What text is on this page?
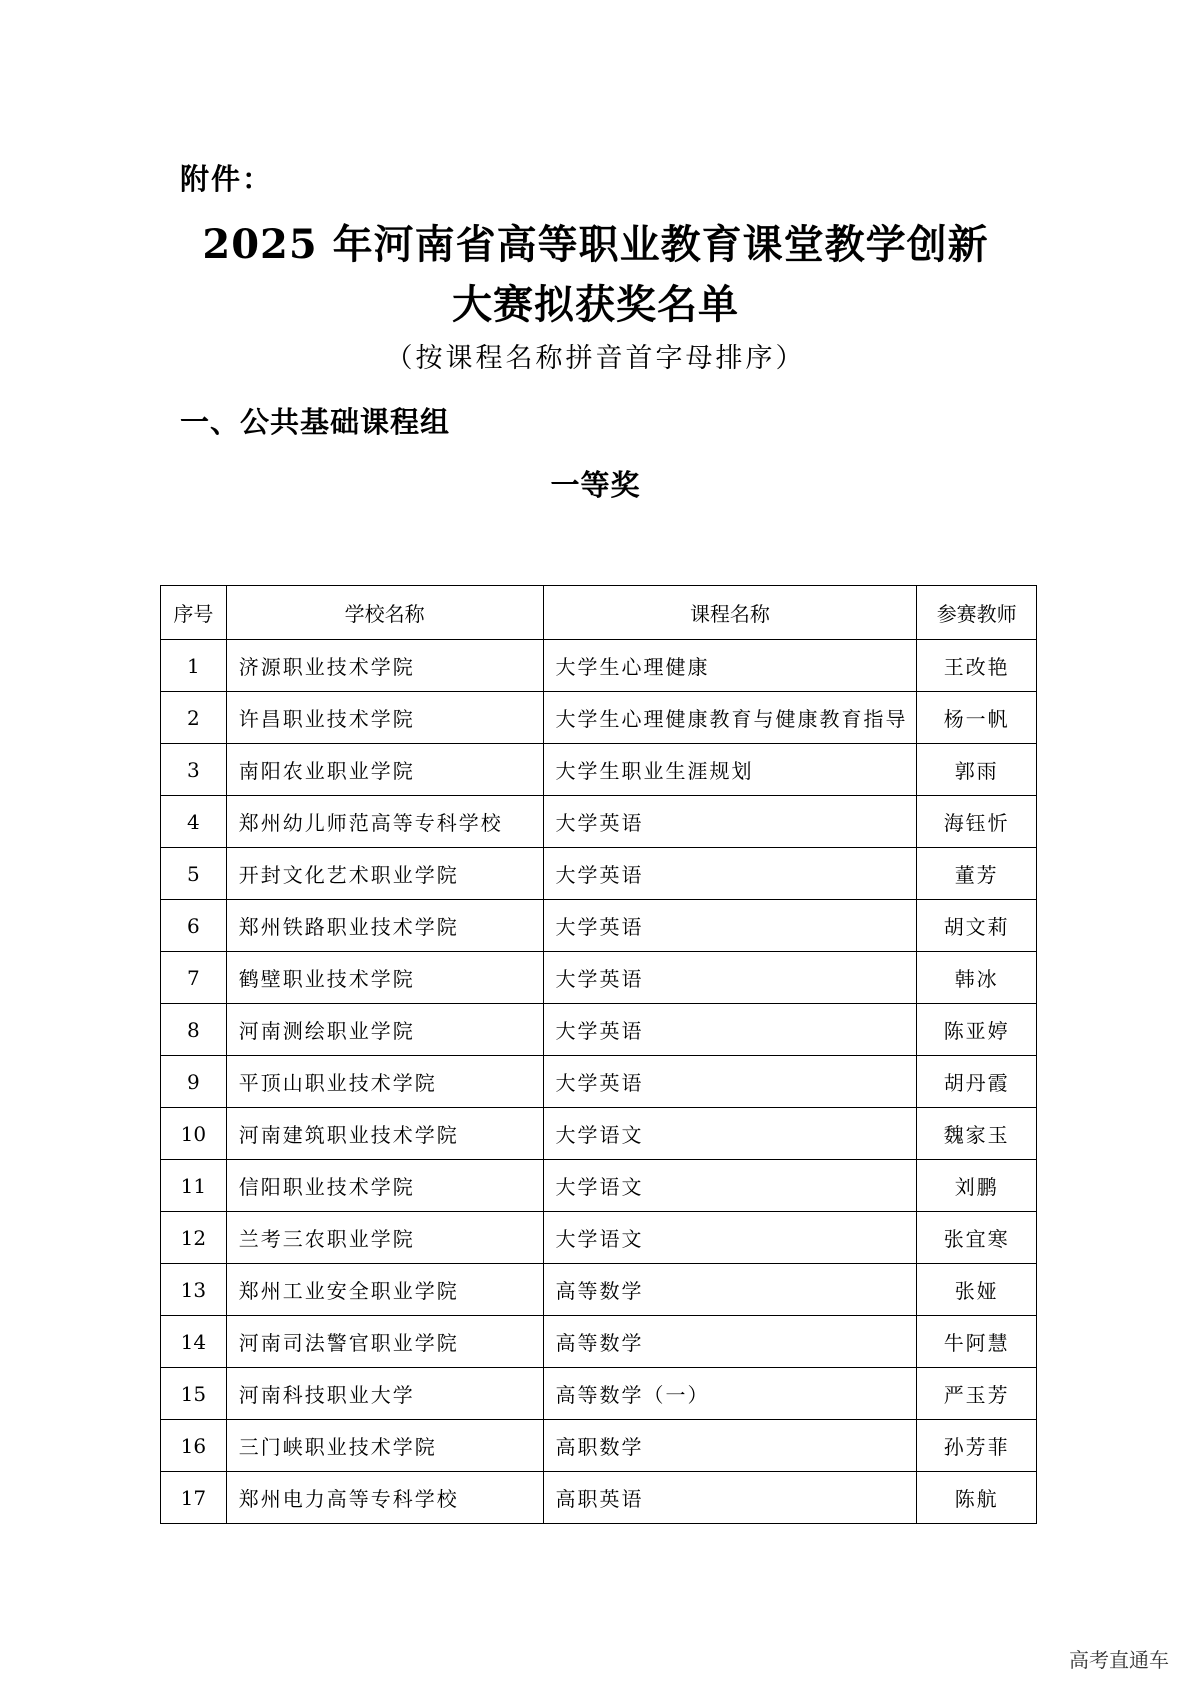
附件：
2025 年河南省高等职业教育课堂教学创新
大赛拟获奖名单
（按课程名称拼音首字母排序）
一、公共基础课程组
一等奖
序号	学校名称	课程名称	参赛教师
1	济源职业技术学院	大学生心理健康	王改艳
2	许昌职业技术学院	大学生心理健康教育与健康教育指导	杨一帆
3	南阳农业职业学院	大学生职业生涯规划	郭雨
4	郑州幼儿师范高等专科学校	大学英语	海钰忻
5	开封文化艺术职业学院	大学英语	董芳
6	郑州铁路职业技术学院	大学英语	胡文莉
7	鹤壁职业技术学院	大学英语	韩冰
8	河南测绘职业学院	大学英语	陈亚婷
9	平顶山职业技术学院	大学英语	胡丹霞
10	河南建筑职业技术学院	大学语文	魏家玉
11	信阳职业技术学院	大学语文	刘鹏
12	兰考三农职业学院	大学语文	张宜寒
13	郑州工业安全职业学院	高等数学	张娅
14	河南司法警官职业学院	高等数学	牛阿慧
15	河南科技职业大学	高等数学（一）	严玉芳
16	三门峡职业技术学院	高职数学	孙芳菲
17	郑州电力高等专科学校	高职英语	陈航
高考直通车
